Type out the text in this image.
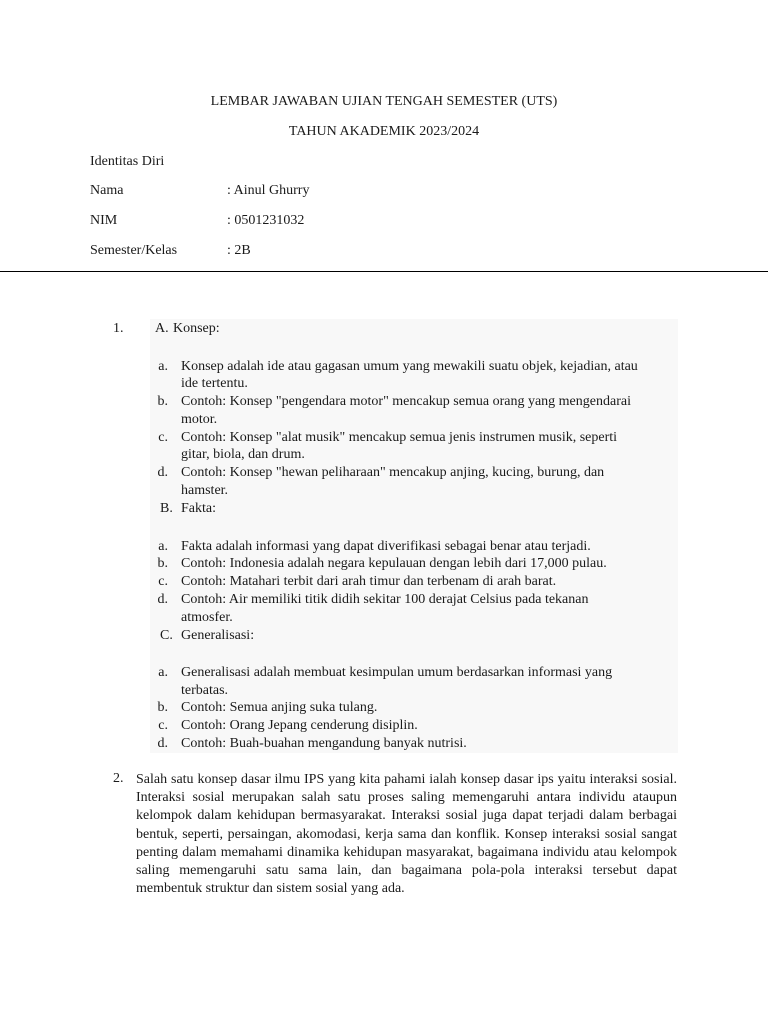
LEMBAR JAWABAN UJIAN TENGAH SEMESTER (UTS)
TAHUN AKADEMIK 2023/2024
Identitas Diri
Nama	: Ainul Ghurry
NIM	: 0501231032
Semester/Kelas	: 2B
1. A. Konsep:
a. Konsep adalah ide atau gagasan umum yang mewakili suatu objek, kejadian, atau
ide tertentu.
b. Contoh: Konsep "pengendara motor" mencakup semua orang yang mengendarai
motor.
c. Contoh: Konsep "alat musik" mencakup semua jenis instrumen musik, seperti
gitar, biola, dan drum.
d. Contoh: Konsep "hewan peliharaan" mencakup anjing, kucing, burung, dan
hamster.
B. Fakta:
a. Fakta adalah informasi yang dapat diverifikasi sebagai benar atau terjadi.
b. Contoh: Indonesia adalah negara kepulauan dengan lebih dari 17,000 pulau.
c. Contoh: Matahari terbit dari arah timur dan terbenam di arah barat.
d. Contoh: Air memiliki titik didih sekitar 100 derajat Celsius pada tekanan
atmosfer.
C. Generalisasi:
a. Generalisasi adalah membuat kesimpulan umum berdasarkan informasi yang
terbatas.
b. Contoh: Semua anjing suka tulang.
c. Contoh: Orang Jepang cenderung disiplin.
d. Contoh: Buah-buahan mengandung banyak nutrisi.
2. Salah satu konsep dasar ilmu IPS yang kita pahami ialah konsep dasar ips yaitu interaksi sosial. Interaksi sosial merupakan salah satu proses saling memengaruhi antara individu ataupun kelompok dalam kehidupan bermasyarakat. Interaksi sosial juga dapat terjadi dalam berbagai bentuk, seperti, persaingan, akomodasi, kerja sama dan konflik. Konsep interaksi sosial sangat penting dalam memahami dinamika kehidupan masyarakat, bagaimana individu atau kelompok saling memengaruhi satu sama lain, dan bagaimana pola-pola interaksi tersebut dapat membentuk struktur dan sistem sosial yang ada.
